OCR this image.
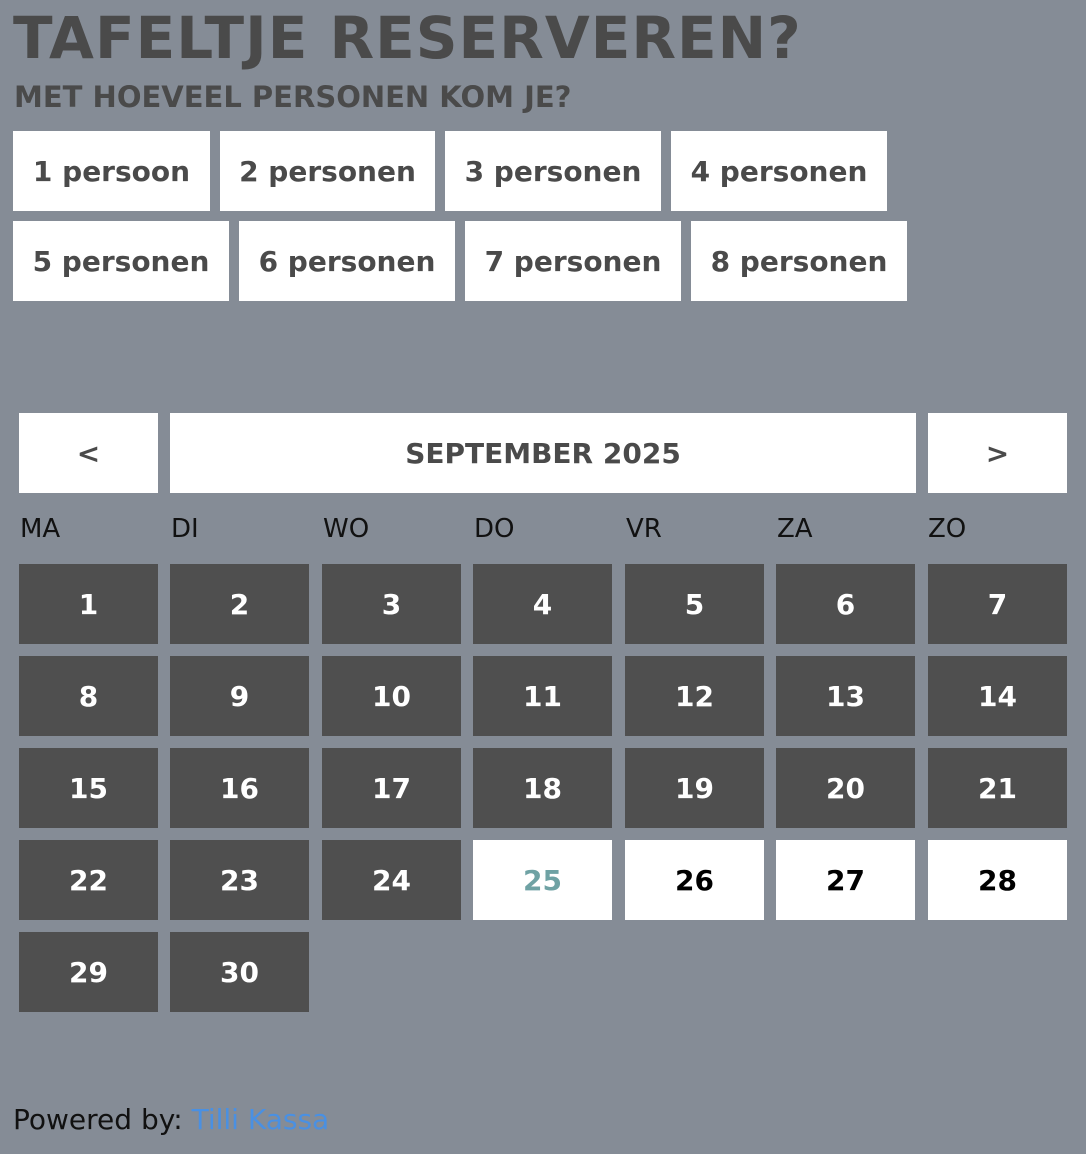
TAFELTJE RESERVEREN?
MET HOEVEEL PERSONEN KOM JE?
1 persoon	2 personen	3 personen	4 personen
5 personen	6 personen	7 personen	8 personen
<	SEPTEMBER 2025	>
MA	DI	WO	DO	VR	ZA	ZO
1	2	3	4	5	6	7
8	9	10	11	12	13	14
15	16	17	18	19	20	21
22	23	24	25	26	27	28
29	30
Powered by: Tilli Kassa
